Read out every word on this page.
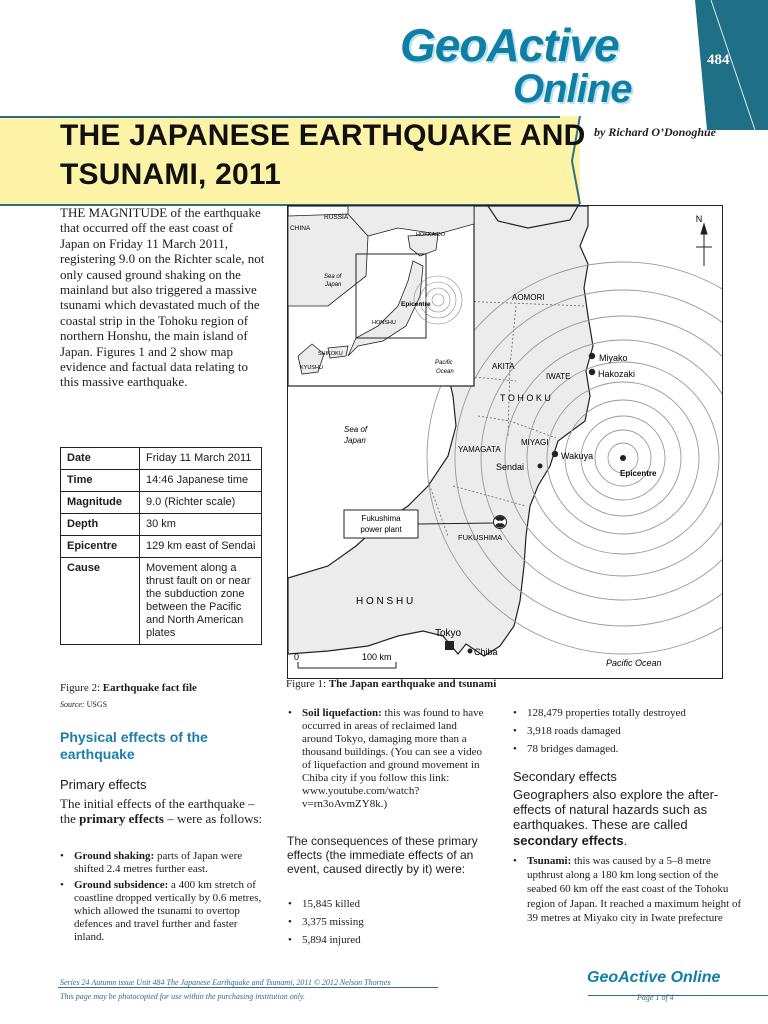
THE JAPANESE EARTHQUAKE AND
TSUNAMI, 2011
GeoActive
Online
484
by Richard O’Donoghue
THE MAGNITUDE of the earthquake that occurred off the east coast of Japan on Friday 11 March 2011, registering 9.0 on the Richter scale, not only caused ground shaking on the mainland but also triggered a massive tsunami which devastated much of the coastal strip in the Tohoku region of northern Honshu, the main island of Japan. Figures 1 and 2 show map evidence and factual data relating to this massive earthquake.
Date	Friday 11 March 2011
Time	14:46 Japanese time
Magnitude	9.0 (Richter scale)
Depth	30 km
Epicentre	129 km east of Sendai
Cause	Movement along a thrust fault on or near the subduction zone between the Pacific and North American plates
Figure 2: Earthquake fact file
Source: USGS
Physical effects of the earthquake
Primary effects
The initial effects of the earthquake – the primary effects – were as follows:
• Ground shaking: parts of Japan were shifted 2.4 metres further east.
• Ground subsidence: a 400 km stretch of coastline dropped vertically by 0.6 metres, which allowed the tsunami to overtop defences and travel further and faster inland.
CHINA
RUSSIA
HOKKAIDO
Sea of
Japan
HONSHU
Epicentre
SHIKOKU
KYUSHU
Pacific
Ocean
N
AOMORI
AKITA
IWATE
T O H O K U
Miyako
Hakozaki
Sea of
Japan
YAMAGATA
MIYAGI
Sendai
Wakuya
Epicentre
Fukushima
power plant
FUKUSHIMA
H O N S H U
Tokyo
Chiba
0	100 km
Pacific Ocean
Figure 1: The Japan earthquake and tsunami
• Soil liquefaction: this was found to have occurred in areas of reclaimed land around Tokyo, damaging more than a thousand buildings. (You can see a video of liquefaction and ground movement in Chiba city if you follow this link: www.youtube.com/watch?v=rn3oAvmZY8k.)
The consequences of these primary effects (the immediate effects of an event, caused directly by it) were:
• 15,845 killed
• 3,375 missing
• 5,894 injured
• 128,479 properties totally destroyed
• 3,918 roads damaged
• 78 bridges damaged.
Secondary effects
Geographers also explore the after-effects of natural hazards such as earthquakes. These are called secondary effects.
• Tsunami: this was caused by a 5–8 metre upthrust along a 180 km long section of the seabed 60 km off the east coast of the Tohoku region of Japan. It reached a maximum height of 39 metres at Miyako city in Iwate prefecture
Series 24 Autumn issue Unit 484 The Japanese Earthquake and Tsunami, 2011 © 2012 Nelson Thornes
This page may be photocopied for use within the purchasing institution only.
GeoActive Online
Page 1 of 4
